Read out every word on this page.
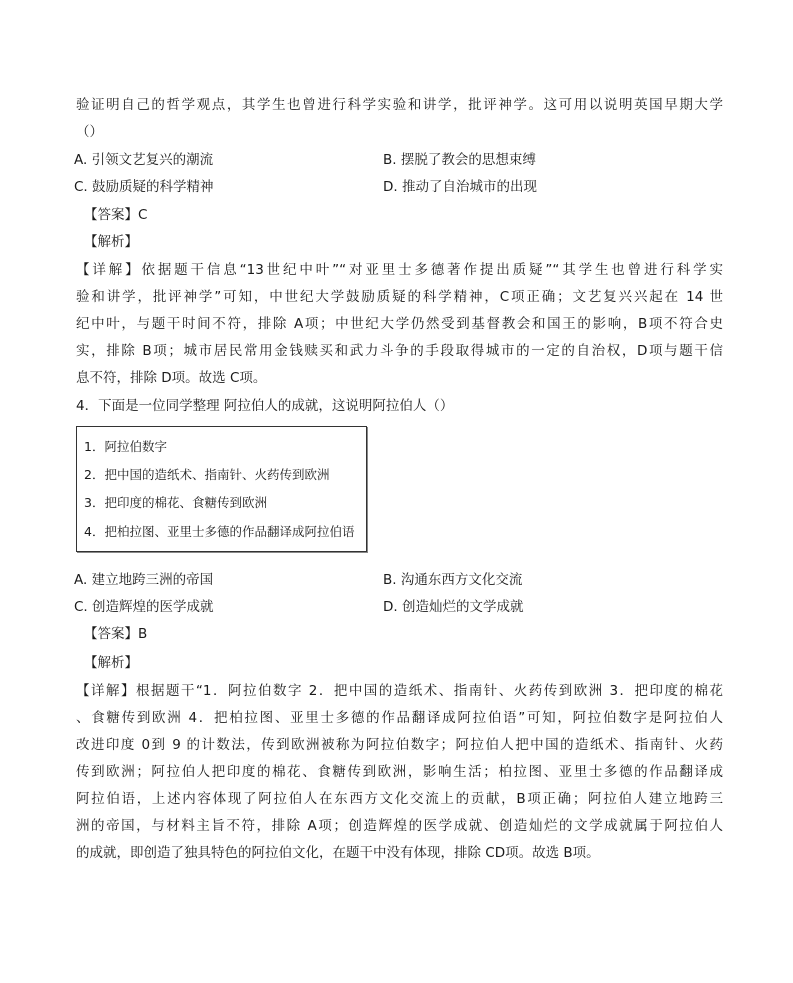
验证明自己的哲学观点，其学生也曾进行科学实验和讲学，批评神学。这可用以说明英国早期大学
（）
A. 引领文艺复兴的潮流	B. 摆脱了教会的思想束缚
C. 鼓励质疑的科学精神	D. 推动了自治城市的出现
【答案】C
【解析】
【详解】依据题干信息“13世纪中叶”“对亚里士多德著作提出质疑”“其学生也曾进行科学实
验和讲学，批评神学”可知，中世纪大学鼓励质疑的科学精神，C项正确；文艺复兴兴起在 14 世
纪中叶，与题干时间不符，排除 A项；中世纪大学仍然受到基督教会和国王的影响，B项不符合史
实，排除 B项；城市居民常用金钱赎买和武力斗争的手段取得城市的一定的自治权，D项与题干信
息不符，排除 D项。故选 C项。
4．下面是一位同学整理 阿拉伯人的成就，这说明阿拉伯人（）
1．阿拉伯数字
2．把中国的造纸术、指南针、火药传到欧洲
3．把印度的棉花、食糖传到欧洲
4．把柏拉图、亚里士多德的作品翻译成阿拉伯语
A. 建立地跨三洲的帝国	B. 沟通东西方文化交流
C. 创造辉煌的医学成就	D. 创造灿烂的文学成就
【答案】B
【解析】
【详解】根据题干“1．阿拉伯数字 2．把中国的造纸术、指南针、火药传到欧洲 3．把印度的棉花
、食糖传到欧洲 4．把柏拉图、亚里士多德的作品翻译成阿拉伯语”可知，阿拉伯数字是阿拉伯人
改进印度 0到 9 的计数法，传到欧洲被称为阿拉伯数字；阿拉伯人把中国的造纸术、指南针、火药
传到欧洲；阿拉伯人把印度的棉花、食糖传到欧洲，影响生活；柏拉图、亚里士多德的作品翻译成
阿拉伯语，上述内容体现了阿拉伯人在东西方文化交流上的贡献，B项正确；阿拉伯人建立地跨三
洲的帝国，与材料主旨不符，排除 A项；创造辉煌的医学成就、创造灿烂的文学成就属于阿拉伯人
的成就，即创造了独具特色的阿拉伯文化，在题干中没有体现，排除 CD项。故选 B项。
